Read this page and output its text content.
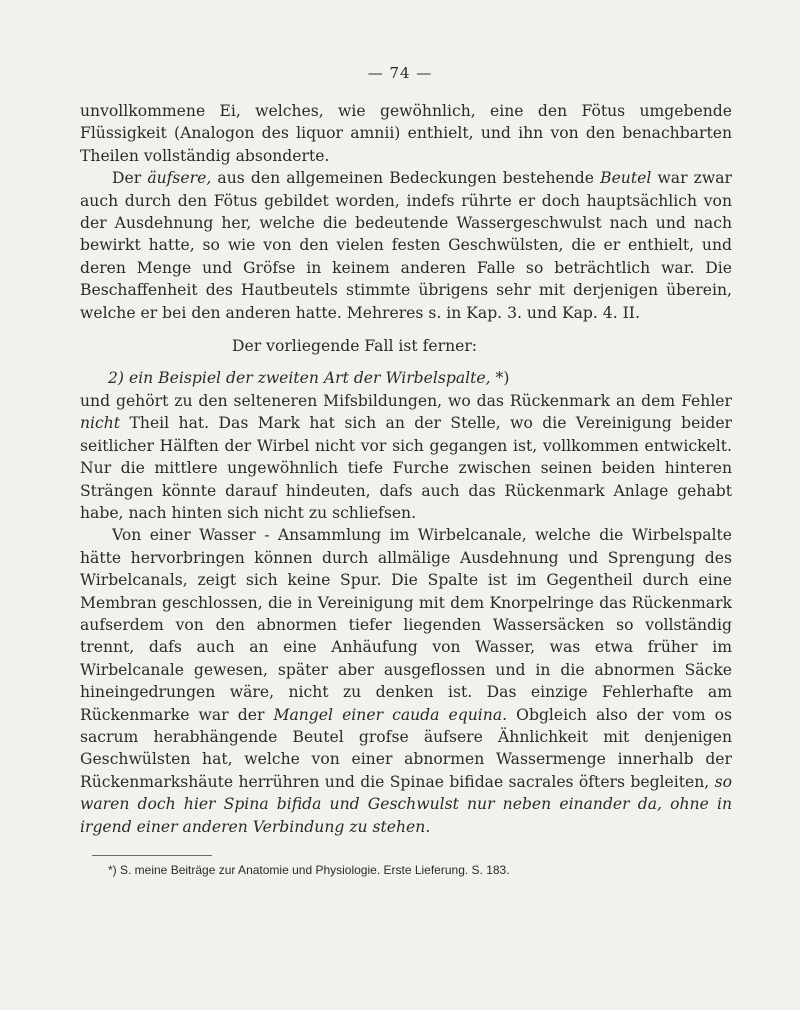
— 74 —

unvollkommene Ei, welches, wie gewöhnlich, eine den Fötus umgebende Flüssigkeit (Analogon des liquor amnii) enthielt, und ihn von den benachbarten Theilen vollständig absonderte.

Der äufsere, aus den allgemeinen Bedeckungen bestehende Beutel war zwar auch durch den Fötus gebildet worden, indefs rührte er doch hauptsächlich von der Ausdehnung her, welche die bedeutende Wassergeschwulst nach und nach bewirkt hatte, so wie von den vielen festen Geschwülsten, die er enthielt, und deren Menge und Gröfse in keinem anderen Falle so beträchtlich war. Die Beschaffenheit des Hautbeutels stimmte übrigens sehr mit derjenigen überein, welche er bei den anderen hatte. Mehreres s. in Kap. 3. und Kap. 4. II.

Der vorliegende Fall ist ferner:

2) ein Beispiel der zweiten Art der Wirbelspalte, *)

und gehört zu den selteneren Mifsbildungen, wo das Rückenmark an dem Fehler nicht Theil hat. Das Mark hat sich an der Stelle, wo die Vereinigung beider seitlicher Hälften der Wirbel nicht vor sich gegangen ist, vollkommen entwickelt. Nur die mittlere ungewöhnlich tiefe Furche zwischen seinen beiden hinteren Strängen könnte darauf hindeuten, dafs auch das Rückenmark Anlage gehabt habe, nach hinten sich nicht zu schliefsen.

Von einer Wasser - Ansammlung im Wirbelcanale, welche die Wirbelspalte hätte hervorbringen können durch allmälige Ausdehnung und Sprengung des Wirbelcanals, zeigt sich keine Spur. Die Spalte ist im Gegentheil durch eine Membran geschlossen, die in Vereinigung mit dem Knorpelringe das Rückenmark aufserdem von den abnormen tiefer liegenden Wassersäcken so vollständig trennt, dafs auch an eine Anhäufung von Wasser, was etwa früher im Wirbelcanale gewesen, später aber ausgeflossen und in die abnormen Säcke hineingedrungen wäre, nicht zu denken ist. Das einzige Fehlerhafte am Rückenmarke war der Mangel einer cauda equina. Obgleich also der vom os sacrum herabhängende Beutel grofse äufsere Ähnlichkeit mit denjenigen Geschwülsten hat, welche von einer abnormen Wassermenge innerhalb der Rückenmarkshäute herrühren und die Spinae bifidae sacrales öfters begleiten, so waren doch hier Spina bifida und Geschwulst nur neben einander da, ohne in irgend einer anderen Verbindung zu stehen.

*) S. meine Beiträge zur Anatomie und Physiologie. Erste Lieferung. S. 183.
